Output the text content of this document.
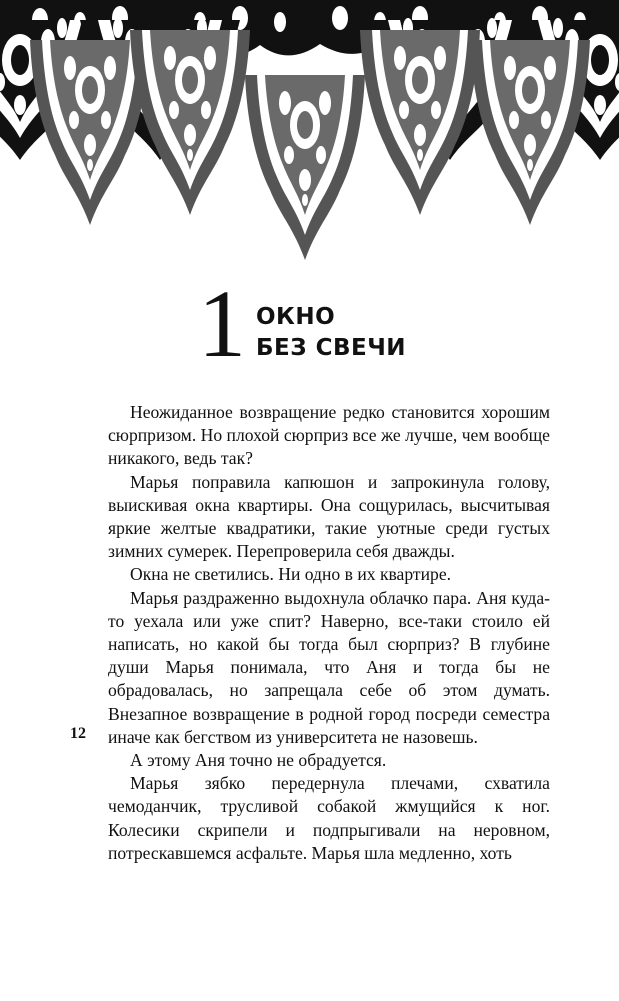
1 ОКНО
БЕЗ СВЕЧИ

Неожиданное возвращение редко становится хорошим сюрпризом. Но плохой сюрприз все же лучше, чем вообще никакого, ведь так?

Марья поправила капюшон и запрокинула голову, выискивая окна квартиры. Она сощурилась, высчитывая яркие желтые квадратики, такие уютные среди густых зимних сумерек. Перепроверила себя дважды.

Окна не светились. Ни одно в их квартире.

Марья раздраженно выдохнула облачко пара. Аня куда-то уехала или уже спит? Наверно, все-таки стоило ей написать, но какой бы тогда был сюрприз? В глубине души Марья понимала, что Аня и тогда бы не обрадовалась, но запрещала себе об этом думать. Внезапное возвращение в родной город посреди семестра иначе как бегством из университета не назовешь.

А этому Аня точно не обрадуется.

Марья зябко передернула плечами, схватила чемоданчик, трусливой собакой жмущийся к ног. Колесики скрипели и подпрыгивали на неровном, потрескавшемся асфальте. Марья шла медленно, хоть

12
